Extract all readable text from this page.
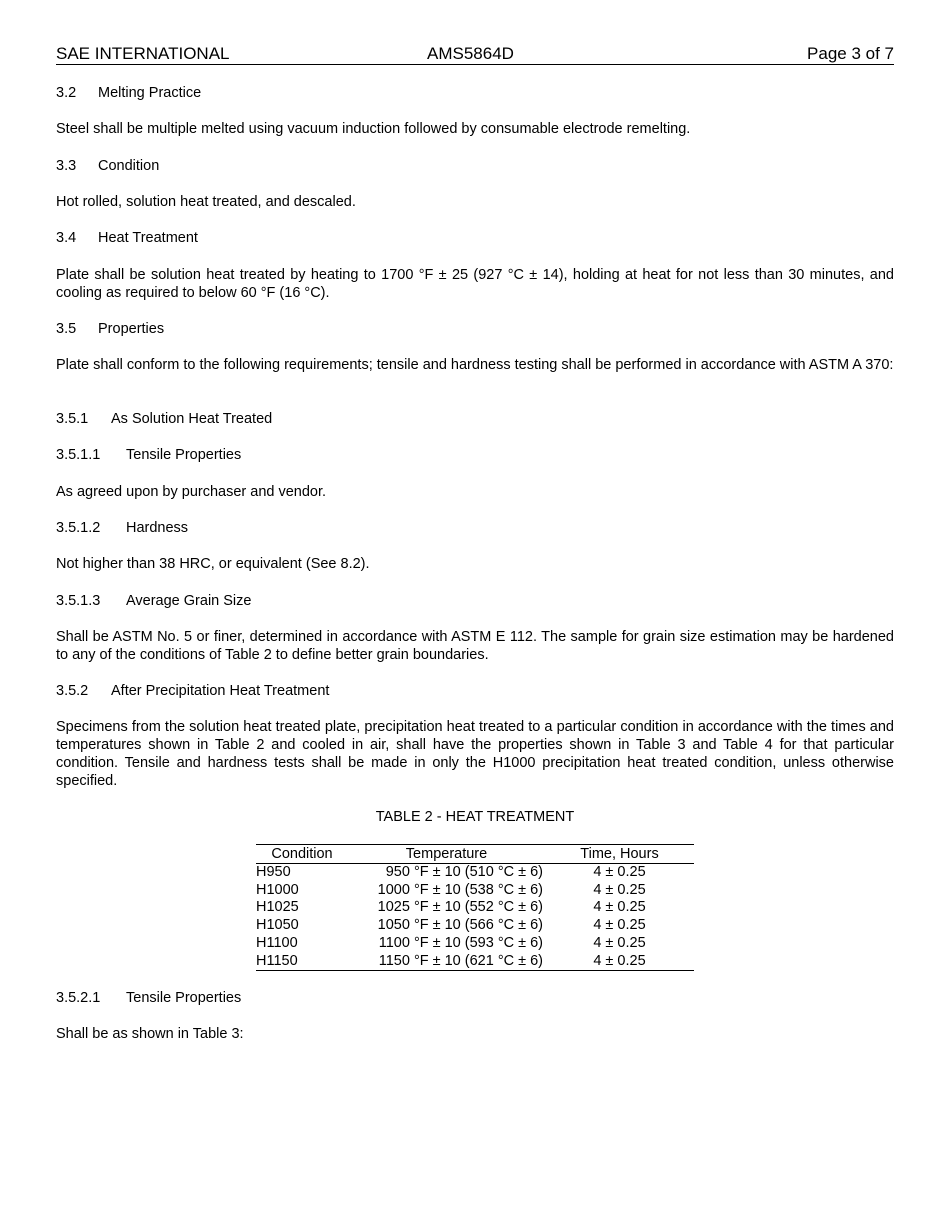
SAE INTERNATIONAL	AMS5864D	Page 3 of 7
3.2 Melting Practice
Steel shall be multiple melted using vacuum induction followed by consumable electrode remelting.
3.3 Condition
Hot rolled, solution heat treated, and descaled.
3.4 Heat Treatment
Plate shall be solution heat treated by heating to 1700 °F ± 25 (927 °C ± 14), holding at heat for not less than 30 minutes, and cooling as required to below 60 °F (16 °C).
3.5 Properties
Plate shall conform to the following requirements; tensile and hardness testing shall be performed in accordance with ASTM A 370:
3.5.1 As Solution Heat Treated
3.5.1.1 Tensile Properties
As agreed upon by purchaser and vendor.
3.5.1.2 Hardness
Not higher than 38 HRC, or equivalent (See 8.2).
3.5.1.3 Average Grain Size
Shall be ASTM No. 5 or finer, determined in accordance with ASTM E 112. The sample for grain size estimation may be hardened to any of the conditions of Table 2 to define better grain boundaries.
3.5.2 After Precipitation Heat Treatment
Specimens from the solution heat treated plate, precipitation heat treated to a particular condition in accordance with the times and temperatures shown in Table 2 and cooled in air, shall have the properties shown in Table 3 and Table 4 for that particular condition. Tensile and hardness tests shall be made in only the H1000 precipitation heat treated condition, unless otherwise specified.
TABLE 2 - HEAT TREATMENT
Condition	Temperature	Time, Hours
H950	950 °F ± 10 (510 °C ± 6)	4 ± 0.25
H1000	1000 °F ± 10 (538 °C ± 6)	4 ± 0.25
H1025	1025 °F ± 10 (552 °C ± 6)	4 ± 0.25
H1050	1050 °F ± 10 (566 °C ± 6)	4 ± 0.25
H1100	1100 °F ± 10 (593 °C ± 6)	4 ± 0.25
H1150	1150 °F ± 10 (621 °C ± 6)	4 ± 0.25
3.5.2.1 Tensile Properties
Shall be as shown in Table 3:
